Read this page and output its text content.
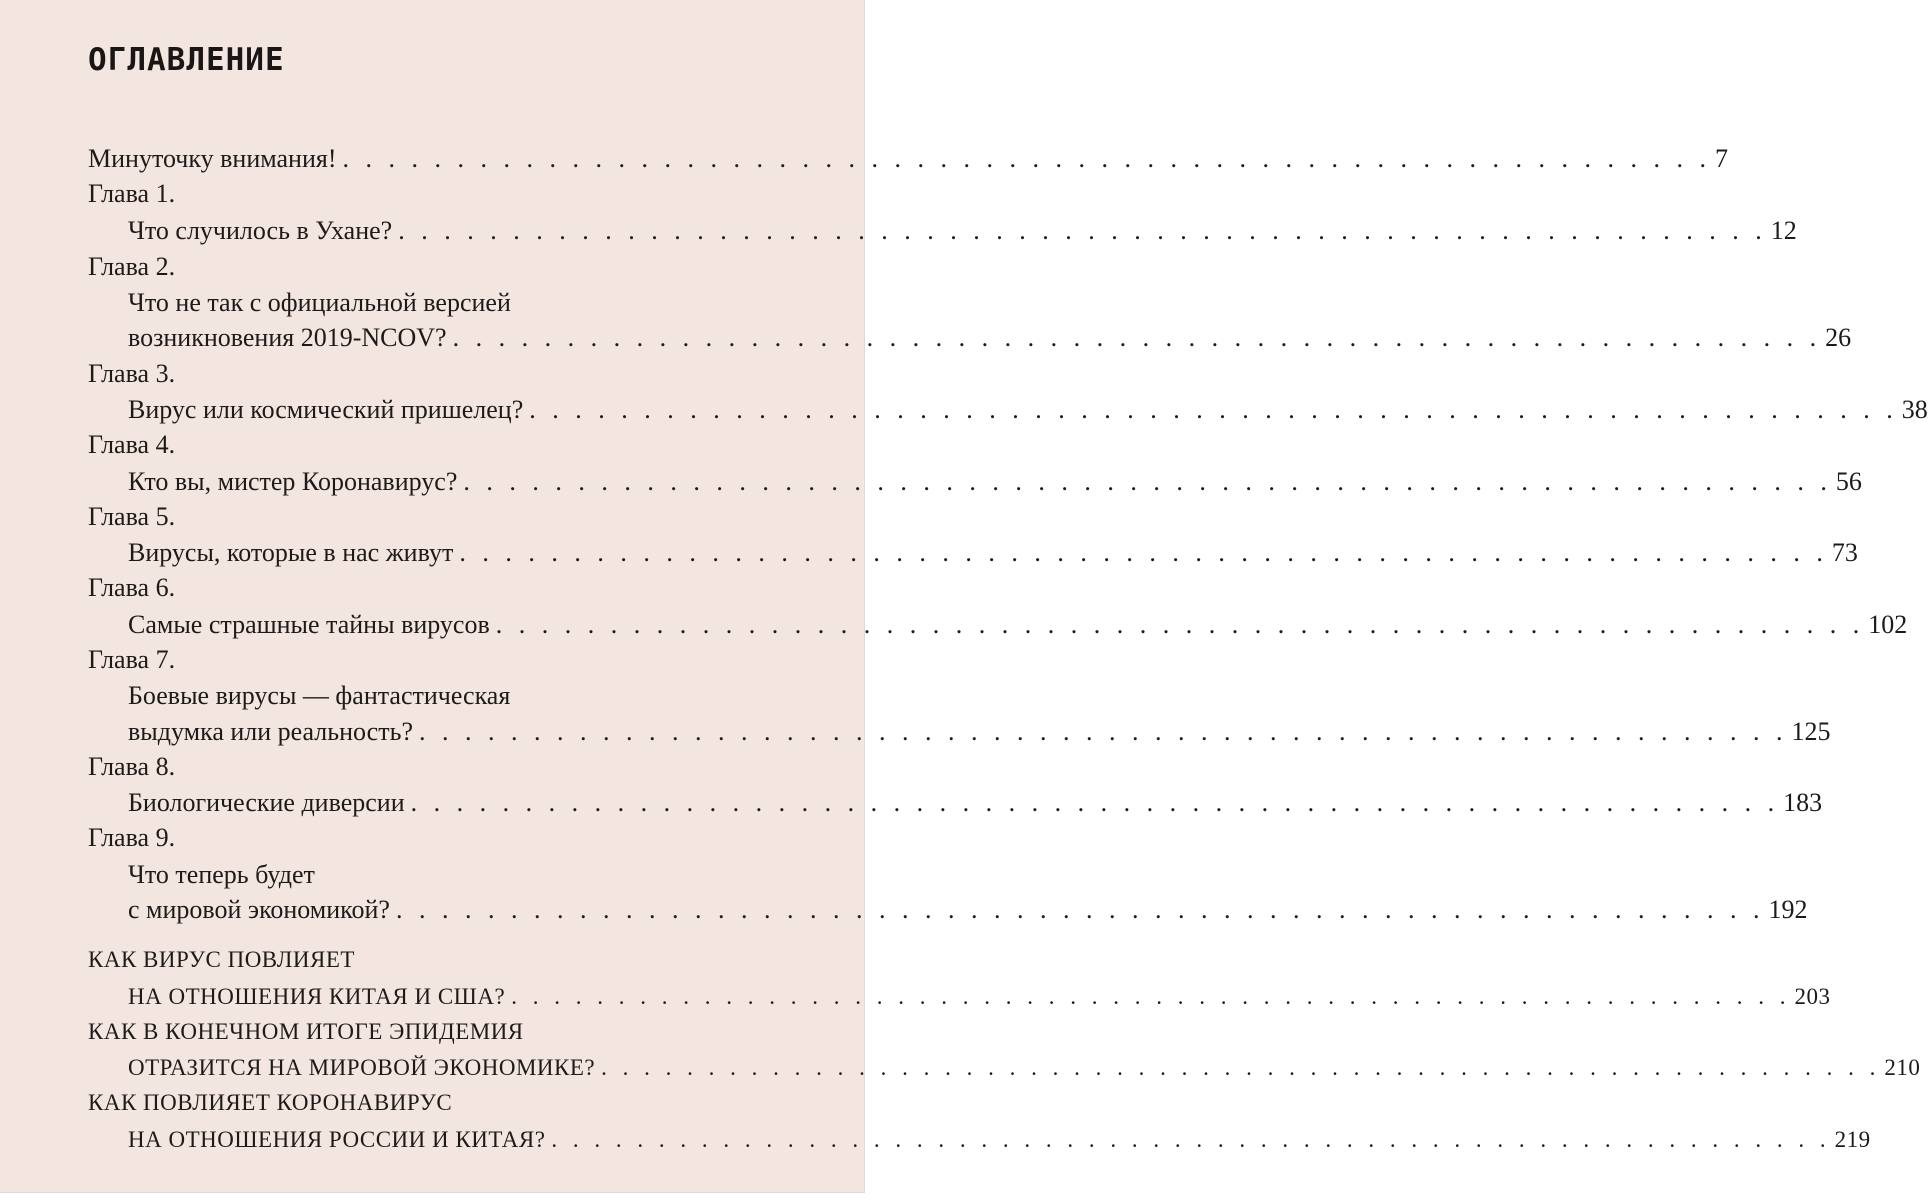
ОГЛАВЛЕНИЕ
Минуточку внимания! . . . . . . . . . . . . . . . . . . . . . . . . . . . . . . . . . . . . . . . . . . . . . . . . . . . . . . . . . . . . 7
Глава 1.
Что случилось в Ухане? . . . . . . . . . . . . . . . . . . . . . . . . . . . . . . . . . . . . . . . . . . . . . . . . . . . . . . . . . . . . 12
Глава 2.
Что не так с официальной версией
возникновения 2019-NCOV? . . . . . . . . . . . . . . . . . . . . . . . . . . . . . . . . . . . . . . . . . . . . . . . . . . . . . . . . . . . . 26
Глава 3.
Вирус или космический пришелец? . . . . . . . . . . . . . . . . . . . . . . . . . . . . . . . . . . . . . . . . . . . . . . . . . . . . . . . . . . . . 38
Глава 4.
Кто вы, мистер Коронавирус? . . . . . . . . . . . . . . . . . . . . . . . . . . . . . . . . . . . . . . . . . . . . . . . . . . . . . . . . . . . . 56
Глава 5.
Вирусы, которые в нас живут . . . . . . . . . . . . . . . . . . . . . . . . . . . . . . . . . . . . . . . . . . . . . . . . . . . . . . . . . . . . 73
Глава 6.
Самые страшные тайны вирусов . . . . . . . . . . . . . . . . . . . . . . . . . . . . . . . . . . . . . . . . . . . . . . . . . . . . . . . . . . . . 102
Глава 7.
Боевые вирусы — фантастическая
выдумка или реальность? . . . . . . . . . . . . . . . . . . . . . . . . . . . . . . . . . . . . . . . . . . . . . . . . . . . . . . . . . . . . 125
Глава 8.
Биологические диверсии . . . . . . . . . . . . . . . . . . . . . . . . . . . . . . . . . . . . . . . . . . . . . . . . . . . . . . . . . . . . 183
Глава 9.
Что теперь будет
с мировой экономикой? . . . . . . . . . . . . . . . . . . . . . . . . . . . . . . . . . . . . . . . . . . . . . . . . . . . . . . . . . . . . 192
КАК ВИРУС ПОВЛИЯЕТ
НА ОТНОШЕНИЯ КИТАЯ И США? . . . . . . . . . . . . . . . . . . . . . . . . . . . . . . . . . . . . . . . . . . . . . . . . . . . . . . . . . . . . 203
КАК В КОНЕЧНОМ ИТОГЕ ЭПИДЕМИЯ
ОТРАЗИТСЯ НА МИРОВОЙ ЭКОНОМИКЕ? . . . . . . . . . . . . . . . . . . . . . . . . . . . . . . . . . . . . . . . . . . . . . . . . . . . . . . . . . . . . 210
КАК ПОВЛИЯЕТ КОРОНАВИРУС
НА ОТНОШЕНИЯ РОССИИ И КИТАЯ? . . . . . . . . . . . . . . . . . . . . . . . . . . . . . . . . . . . . . . . . . . . . . . . . . . . . . . . . . . . . 219
